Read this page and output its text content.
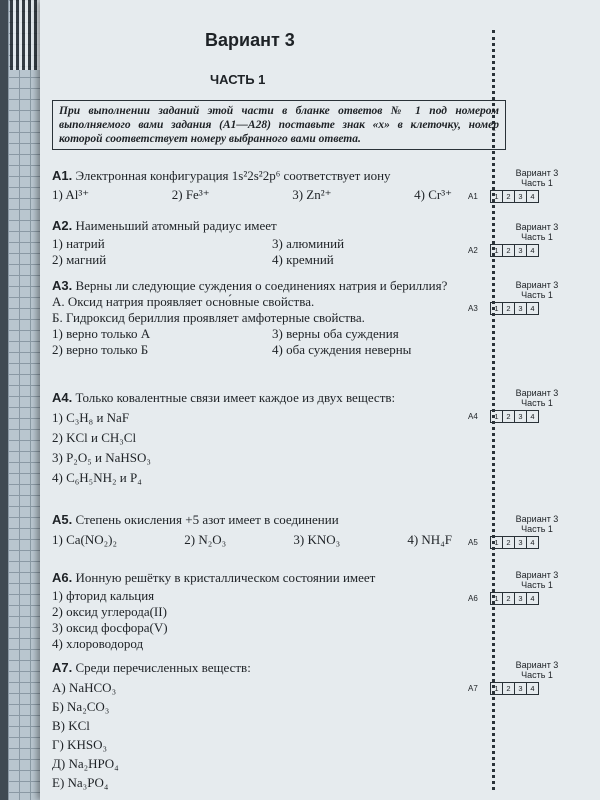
Вариант 3
ЧАСТЬ 1
При выполнении заданий этой части в бланке ответов № 1 под номером выполняемого вами задания (А1—А28) поставьте знак «х» в клеточку, номер которой соответствует номеру выбранного вами ответа.
А1. Электронная конфигурация 1s²2s²2p⁶ соответствует иону
1) Al³⁺	2) Fe³⁺	3) Zn²⁺	4) Cr³⁺
А2. Наименьший атомный радиус имеет
1) натрий	3) алюминий
2) магний	4) кремний
А3. Верны ли следующие суждения о соединениях натрия и бериллия?
А. Оксид натрия проявляет осно́вные свойства.
Б. Гидроксид бериллия проявляет амфотерные свойства.
1) верно только А	3) верны оба суждения
2) верно только Б	4) оба суждения неверны
А4. Только ковалентные связи имеет каждое из двух веществ:
1) C₃H₈ и NaF
2) KCl и CH₃Cl
3) P₂O₅ и NaHSO₃
4) C₆H₅NH₂ и P₄
А5. Степень окисления +5 азот имеет в соединении
1) Ca(NO₂)₂	2) N₂O₃	3) KNO₃	4) NH₄F
А6. Ионную решётку в кристаллическом состоянии имеет
1) фторид кальция
2) оксид углерода(II)
3) оксид фосфора(V)
4) хлороводород
А7. Среди перечисленных веществ:
А) NaHCO₃
Б) Na₂CO₃
В) KCl
Г) KHSO₃
Д) Na₂HPO₄
Е) Na₃PO₄
Вариант 3
Часть 1
А1	1	2	3	4
Вариант 3
Часть 1
А2	1	2	3	4
Вариант 3
Часть 1
А3	1	2	3	4
Вариант 3
Часть 1
А4	1	2	3	4
Вариант 3
Часть 1
А5	1	2	3	4
Вариант 3
Часть 1
А6	1	2	3	4
Вариант 3
Часть 1
А7	1	2	3	4
